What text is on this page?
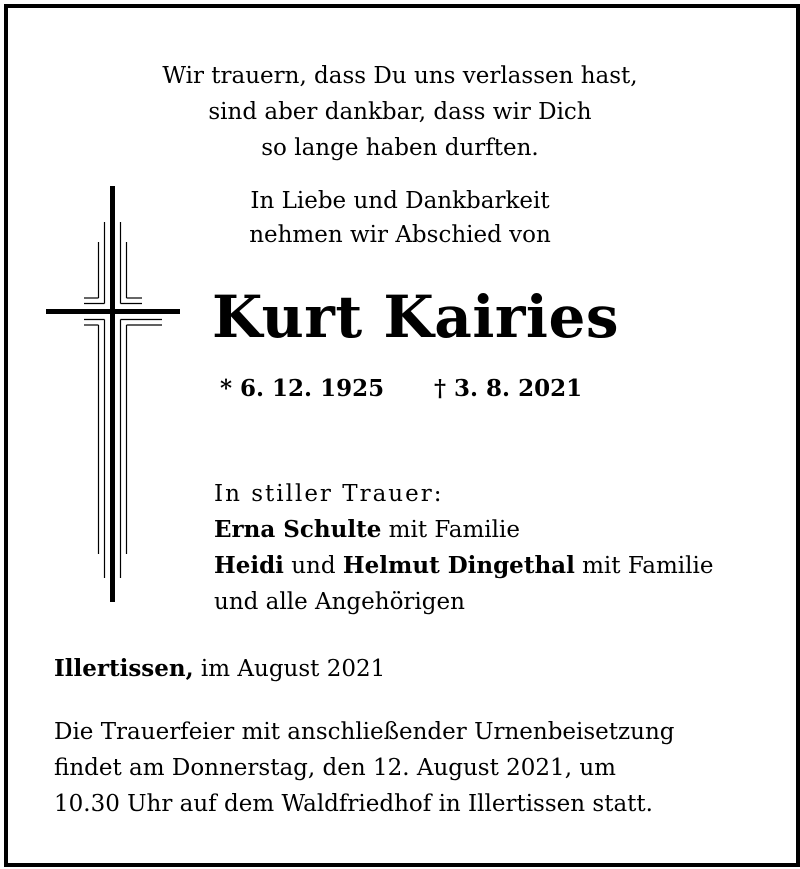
Wir trauern, dass Du uns verlassen hast,
sind aber dankbar, dass wir Dich
so lange haben durften.
In Liebe und Dankbarkeit
nehmen wir Abschied von
Kurt Kairies
* 6. 12. 1925 † 3. 8. 2021
In stiller Trauer:
Erna Schulte mit Familie
Heidi und Helmut Dingethal mit Familie
und alle Angehörigen
Illertissen, im August 2021
Die Trauerfeier mit anschließender Urnenbeisetzung
findet am Donnerstag, den 12. August 2021, um
10.30 Uhr auf dem Waldfriedhof in Illertissen statt.
